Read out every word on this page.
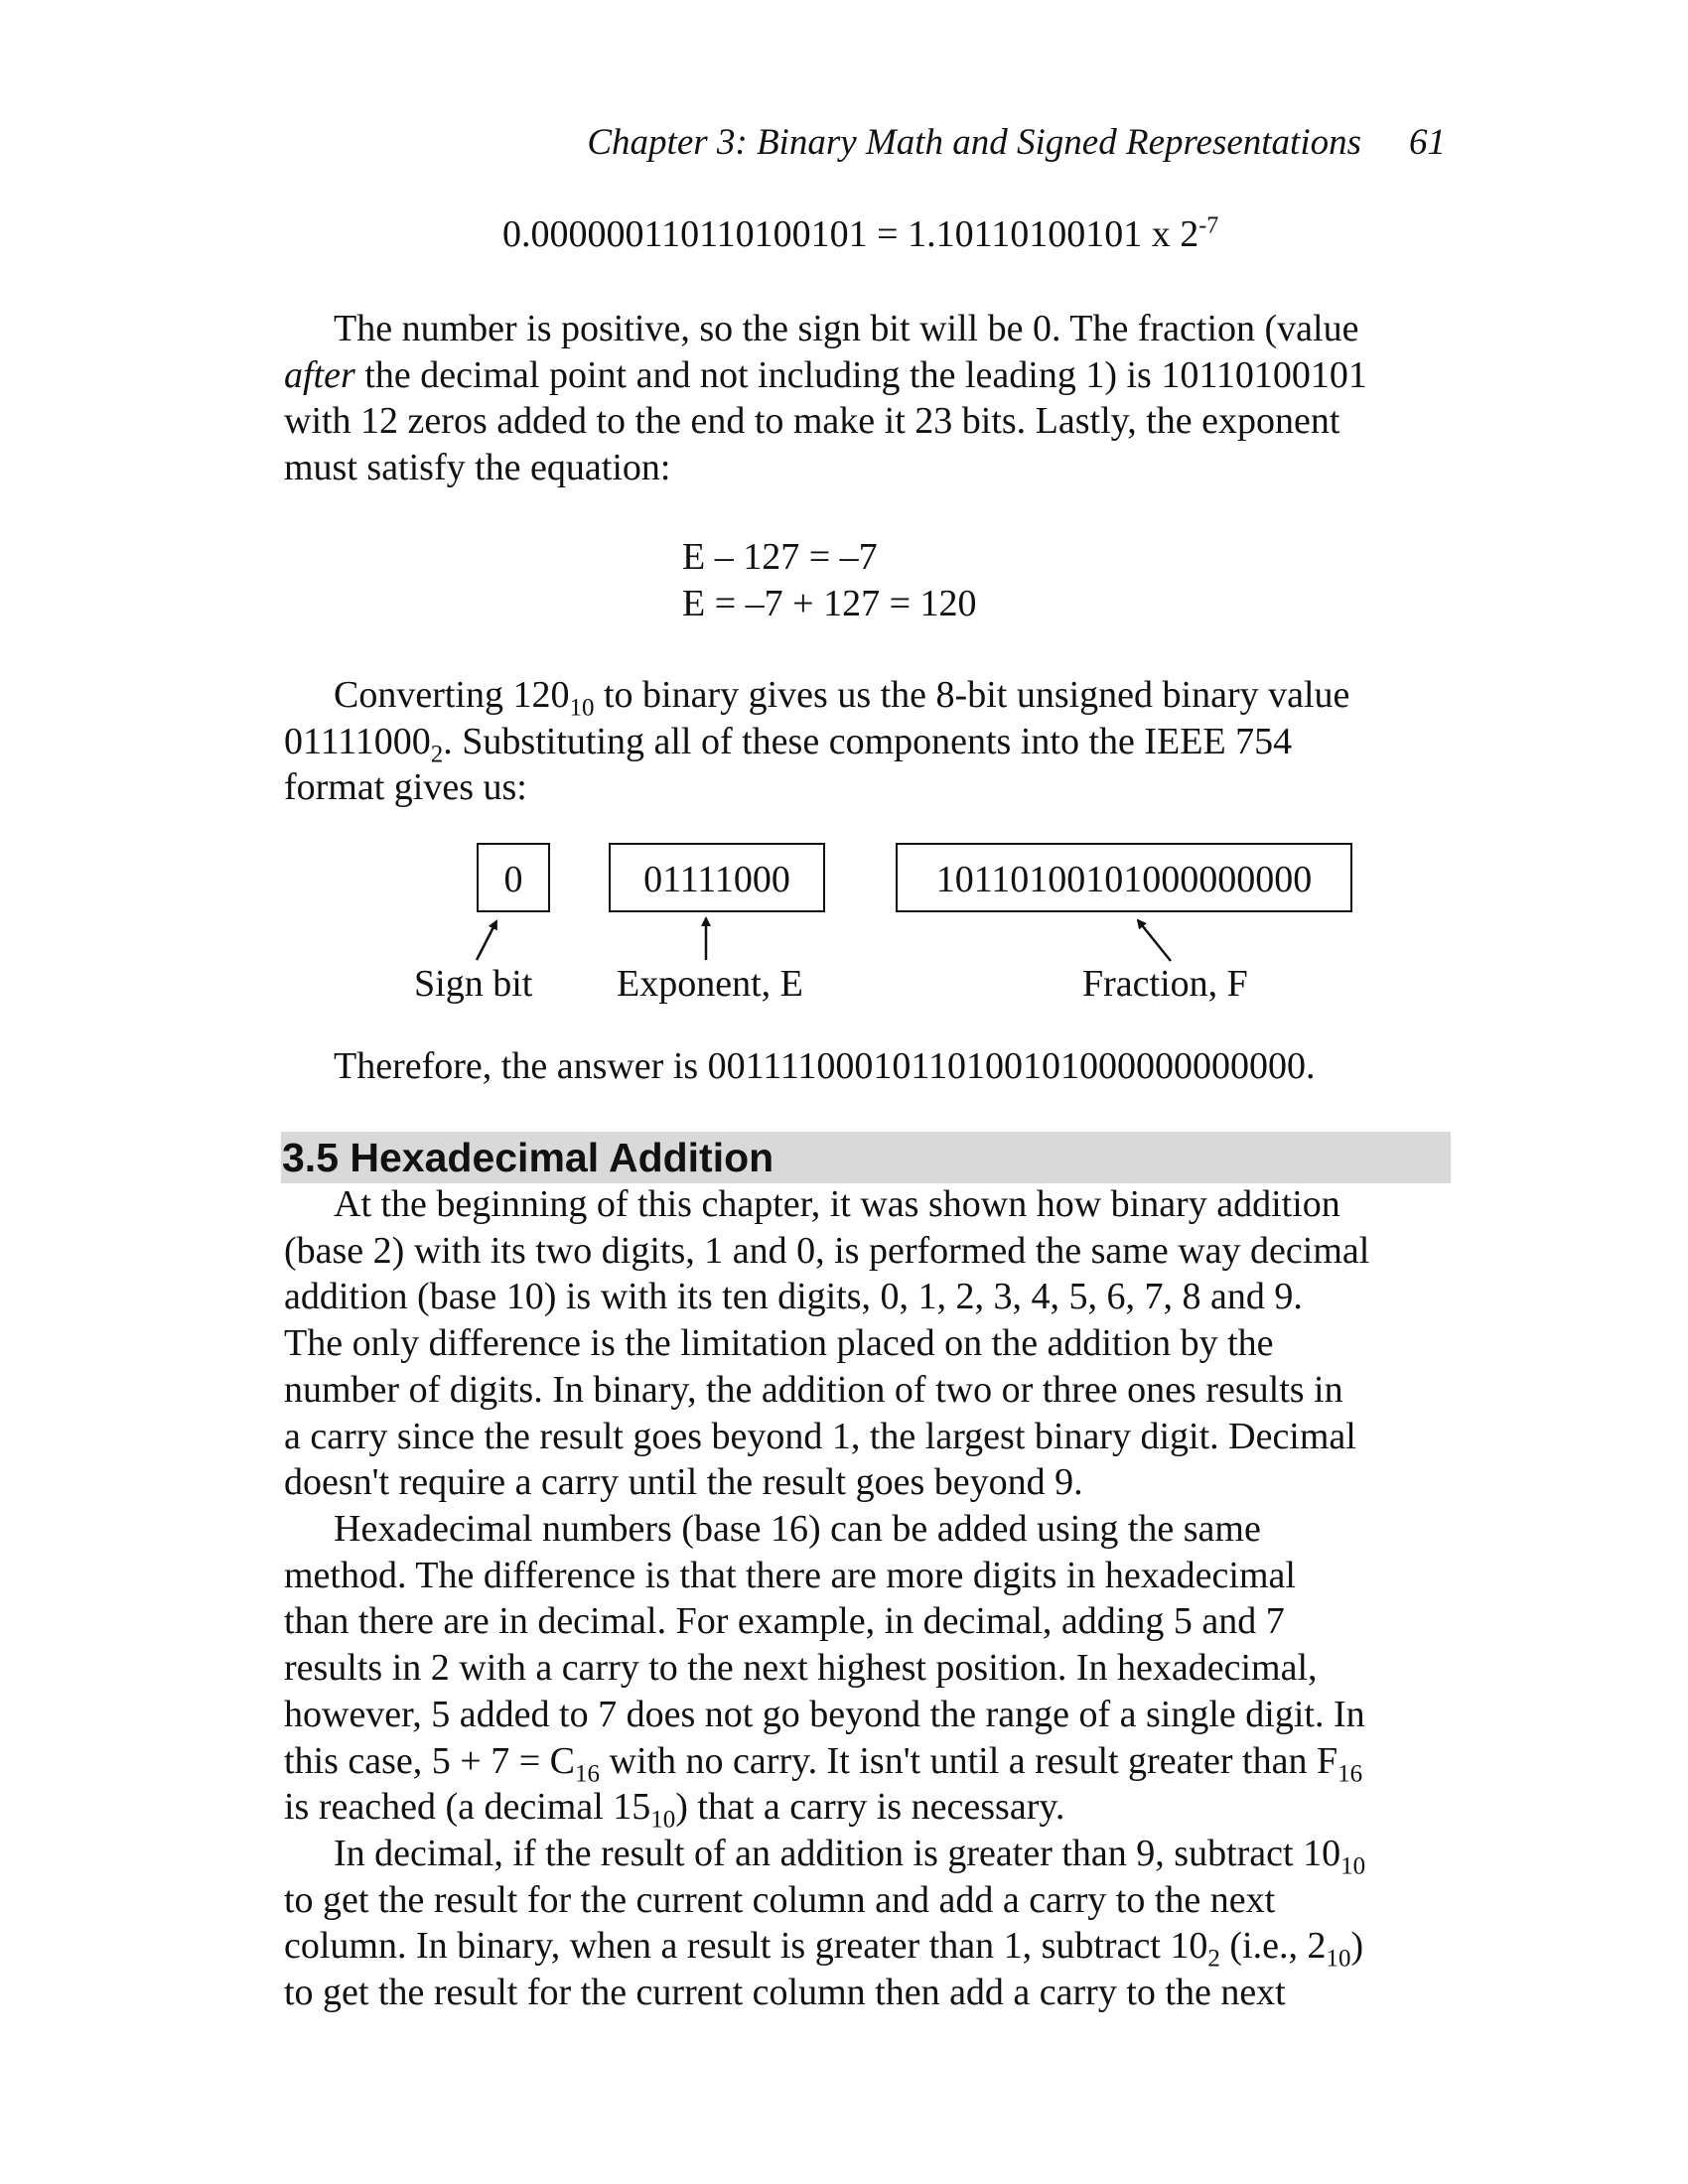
Chapter 3: Binary Math and Signed Representations 61
0.000000110110100101 = 1.10110100101 x $2^{-7}$
The number is positive, so the sign bit will be 0. The fraction (value
after the decimal point and not including the leading 1) is 10110100101
with 12 zeros added to the end to make it 23 bits. Lastly, the exponent
must satisfy the equation:
E – 127 = –7
E = –7 + 127 = 120
Converting $120_{10}$ to binary gives us the 8-bit unsigned binary value
$01111000_2$. Substituting all of these components into the IEEE 754
format gives us:
0	01111000	10110100101000000000
Sign bit Exponent, E	Fraction, F
Therefore, the answer is 00111100010110100101000000000000.
3.5 Hexadecimal Addition
At the beginning of this chapter, it was shown how binary addition
(base 2) with its two digits, 1 and 0, is performed the same way decimal
addition (base 10) is with its ten digits, 0, 1, 2, 3, 4, 5, 6, 7, 8 and 9.
The only difference is the limitation placed on the addition by the
number of digits. In binary, the addition of two or three ones results in
a carry since the result goes beyond 1, the largest binary digit. Decimal
doesn't require a carry until the result goes beyond 9.
Hexadecimal numbers (base 16) can be added using the same
method. The difference is that there are more digits in hexadecimal
than there are in decimal. For example, in decimal, adding 5 and 7
results in 2 with a carry to the next highest position. In hexadecimal,
however, 5 added to 7 does not go beyond the range of a single digit. In
this case, $5 + 7 = C_{16}$ with no carry. It isn't until a result greater than $F_{16}$
is reached (a decimal $15_{10}$) that a carry is necessary.
In decimal, if the result of an addition is greater than 9, subtract $10_{10}$
to get the result for the current column and add a carry to the next
column. In binary, when a result is greater than 1, subtract $10_2$ (i.e., $2_{10}$)
to get the result for the current column then add a carry to the next
